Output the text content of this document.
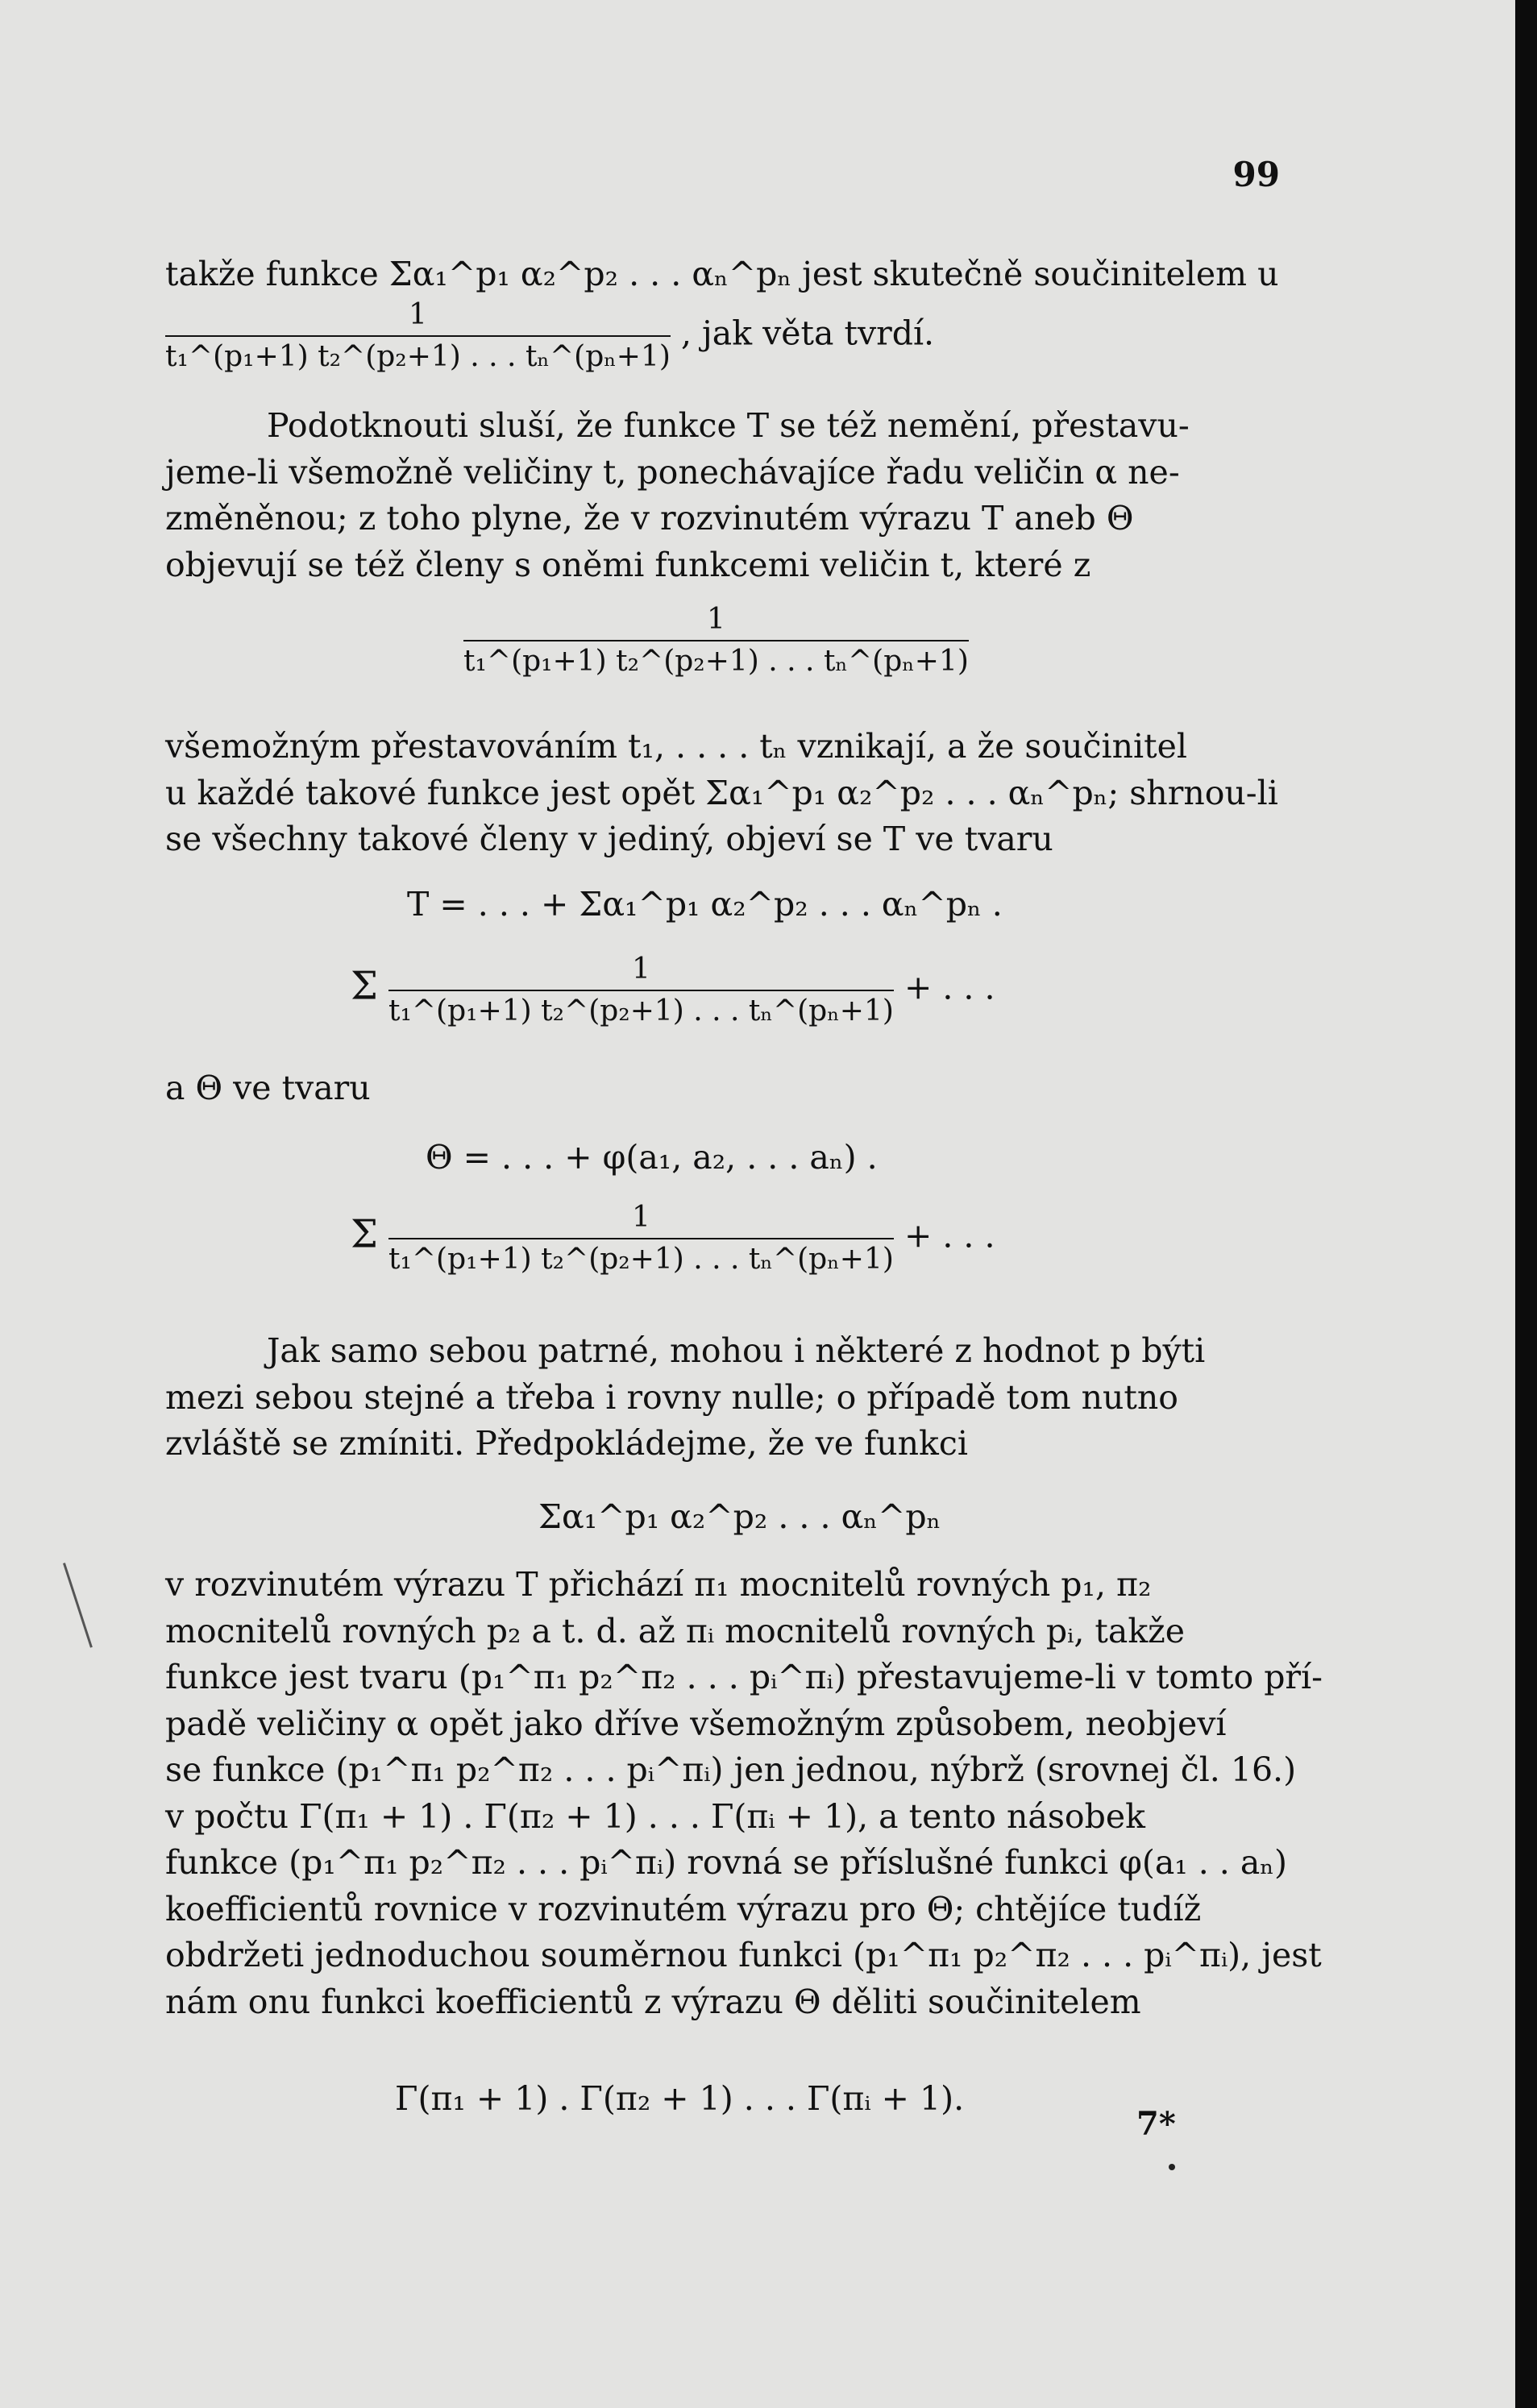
99
takže funkce Σα₁^p₁ α₂^p₂ . . . αₙ^pₙ jest skutečně součinitelem u
$\frac{1}{\text{t₁\textasciicircum{}(p₁+1) t₂\textasciicircum{}(p₂+1) . . . tₙ\textasciicircum{}(pₙ+1)}}$ , jak věta tvrdí.
Podotknouti sluší, že funkce T se též nemění, přestavu-
jeme-li všemožně veličiny t, ponechávajíce řadu veličin α ne-
změněnou; z toho plyne, že v rozvinutém výrazu T aneb Θ
objevují se též členy s oněmi funkcemi veličin t, které z
$\frac{1}{\text{t₁\textasciicircum{}(p₁+1) t₂\textasciicircum{}(p₂+1) . . . tₙ\textasciicircum{}(pₙ+1)}}$
všemožným přestavováním t₁, . . . . tₙ vznikají, a že součinitel
u každé takové funkce jest opět Σα₁^p₁ α₂^p₂ . . . αₙ^pₙ; shrnou-li
se všechny takové členy v jediný, objeví se T ve tvaru
T = . . . + Σα₁^p₁ α₂^p₂ . . . αₙ^pₙ .
Σ $\frac{1}{\text{t₁\textasciicircum{}(p₁+1) t₂\textasciicircum{}(p₂+1) . . . tₙ\textasciicircum{}(pₙ+1)}}$ + . . .
a Θ ve tvaru
Θ = . . . + φ(a₁, a₂, . . . aₙ) .
Σ $\frac{1}{\text{t₁\textasciicircum{}(p₁+1) t₂\textasciicircum{}(p₂+1) . . . tₙ\textasciicircum{}(pₙ+1)}}$ + . . .
Jak samo sebou patrné, mohou i některé z hodnot p býti
mezi sebou stejné a třeba i rovny nulle; o případě tom nutno
zvláště se zmíniti. Předpokládejme, že ve funkci
Σα₁^p₁ α₂^p₂ . . . αₙ^pₙ
v rozvinutém výrazu T přichází π₁ mocnitelů rovných p₁, π₂
mocnitelů rovných p₂ a t. d. až πᵢ mocnitelů rovných pᵢ, takže
funkce jest tvaru (p₁^π₁ p₂^π₂ . . . pᵢ^πᵢ) přestavujeme-li v tomto pří-
padě veličiny α opět jako dříve všemožným způsobem, neobjeví
se funkce (p₁^π₁ p₂^π₂ . . . pᵢ^πᵢ) jen jednou, nýbrž (srovnej čl. 16.)
v počtu Γ(π₁ + 1) . Γ(π₂ + 1) . . . Γ(πᵢ + 1), a tento násobek
funkce (p₁^π₁ p₂^π₂ . . . pᵢ^πᵢ) rovná se příslušné funkci φ(a₁ . . aₙ)
koefficientů rovnice v rozvinutém výrazu pro Θ; chtějíce tudíž
obdržeti jednoduchou souměrnou funkci (p₁^π₁ p₂^π₂ . . . pᵢ^πᵢ), jest
nám onu funkci koefficientů z výrazu Θ děliti součinitelem
Γ(π₁ + 1) . Γ(π₂ + 1) . . . Γ(πᵢ + 1).
7*
